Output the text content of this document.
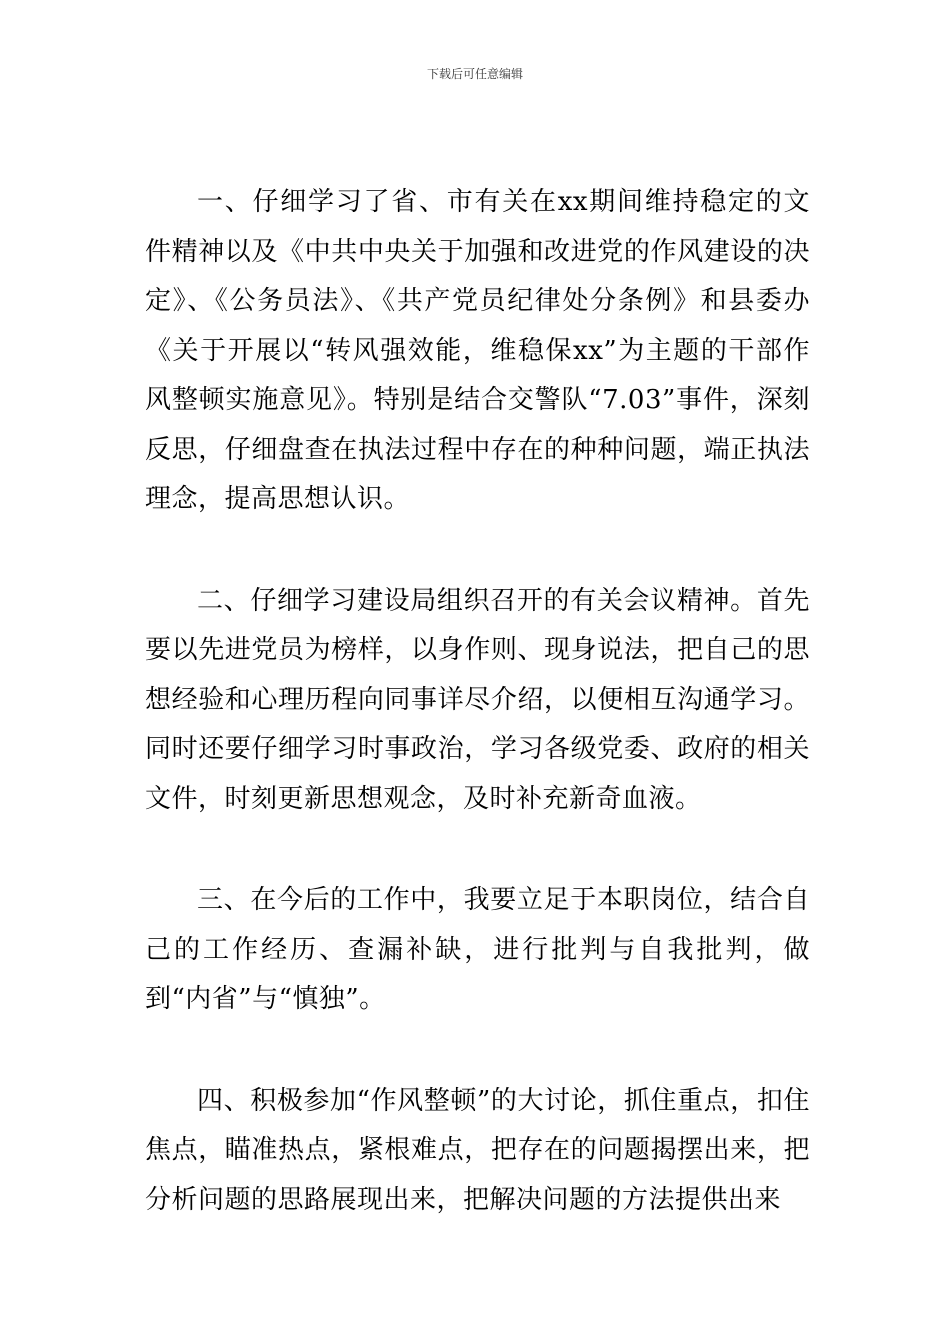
下载后可任意编辑

一、仔细学习了省、市有关在xx期间维持稳定的文件精神以及《中共中央关于加强和改进党的作风建设的决定》、《公务员法》、《共产党员纪律处分条例》和县委办《关于开展以“转风强效能，维稳保xx”为主题的干部作风整顿实施意见》。特别是结合交警队“7.03”事件，深刻反思，仔细盘查在执法过程中存在的种种问题，端正执法理念，提高思想认识。

二、仔细学习建设局组织召开的有关会议精神。首先要以先进党员为榜样，以身作则、现身说法，把自己的思想经验和心理历程向同事详尽介绍，以便相互沟通学习。同时还要仔细学习时事政治，学习各级党委、政府的相关文件，时刻更新思想观念，及时补充新奇血液。

三、在今后的工作中，我要立足于本职岗位，结合自己的工作经历、查漏补缺，进行批判与自我批判，做到“内省”与“慎独”。

四、积极参加“作风整顿”的大讨论，抓住重点，扣住焦点，瞄准热点，紧根难点，把存在的问题揭摆出来，把分析问题的思路展现出来，把解决问题的方法提供出来
